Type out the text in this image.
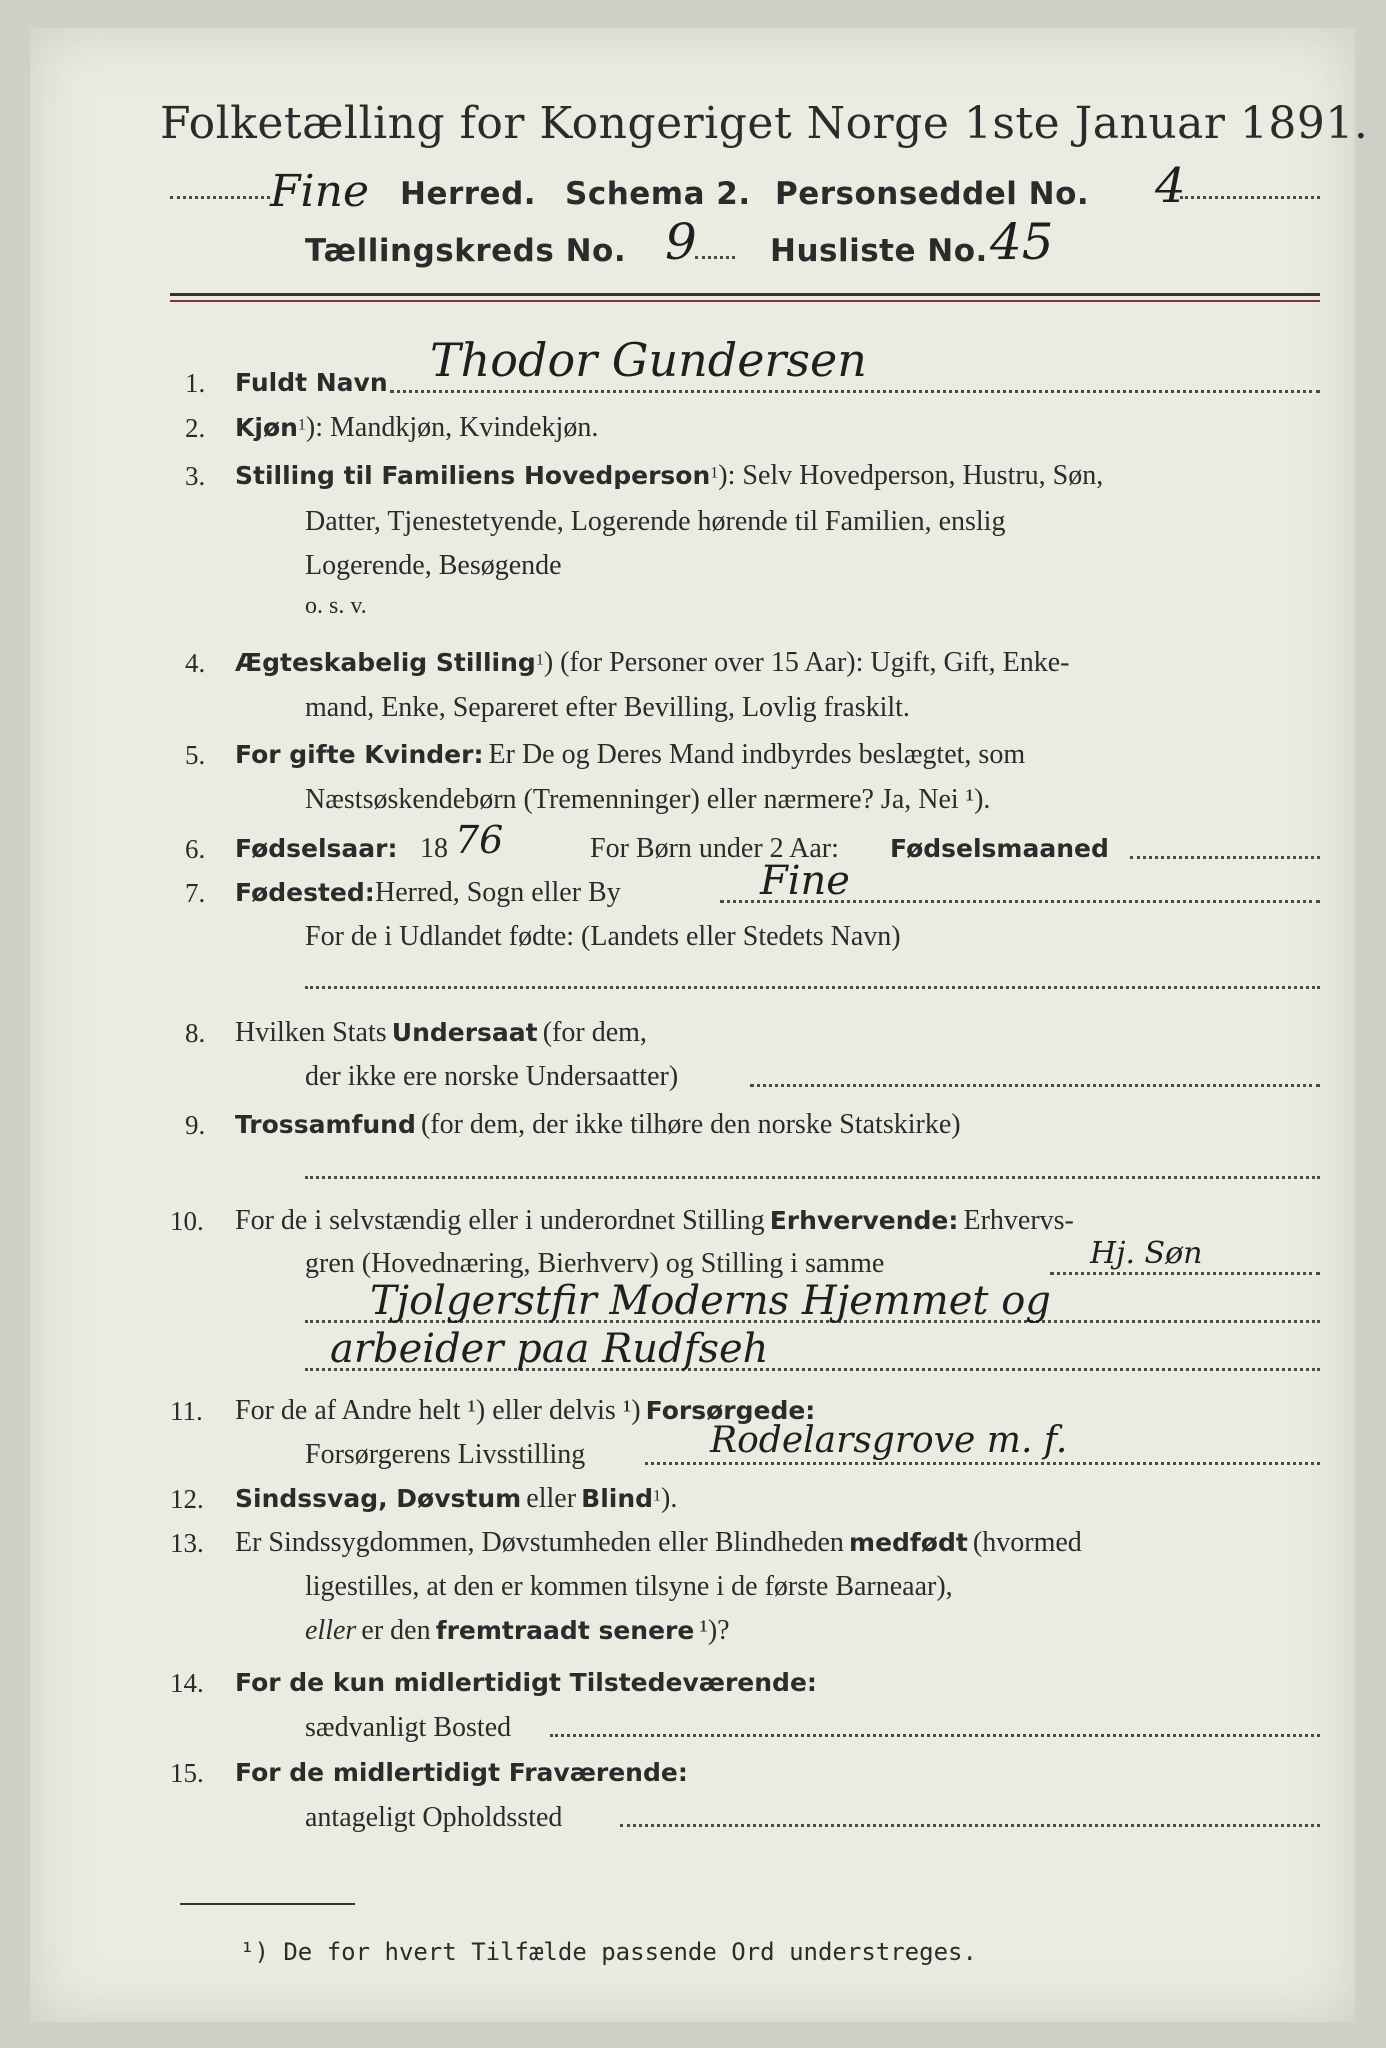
Folketælling for Kongeriget Norge 1ste Januar 1891.
Fine Herred. Schema 2. Personseddel No. 4
Tællingskreds No. 9 Husliste No. 45
1. Fuldt Navn Thodor Gundersen
2. Kjøn1): Mandkjøn, Kvindekjøn.
3. Stilling til Familiens Hovedperson1): Selv Hovedperson, Hustru, Søn,
Datter, Tjenestetyende, Logerende hørende til Familien, enslig
Logerende, Besøgende
o. s. v.
4. Ægteskabelig Stilling1) (for Personer over 15 Aar): Ugift, Gift, Enke-
mand, Enke, Separeret efter Bevilling, Lovlig fraskilt.
5. For gifte Kvinder: Er De og Deres Mand indbyrdes beslægtet, som
Næstsøskendebørn (Tremenninger) eller nærmere? Ja, Nei ¹).
6. Fødselsaar: 18 76	For Børn under 2 Aar: Fødselsmaaned
7. Fødested: Herred, Sogn eller By	Fine
For de i Udlandet fødte: (Landets eller Stedets Navn)
8. Hvilken Stats Undersaat (for dem,
der ikke ere norske Undersaatter)
9. Trossamfund (for dem, der ikke tilhøre den norske Statskirke)
10. For de i selvstændig eller i underordnet Stilling Erhvervende: Erhvervs-
gren (Hovednæring, Bierhverv) og Stilling i samme	Hj. Søn
Tjolgerstfir Moderns Hjemmet og
arbeider paa Rudfseh
11. For de af Andre helt ¹) eller delvis ¹) Forsørgede:
Forsørgerens Livsstilling	Rodelarsgrove m. f.
12. Sindssvag, Døvstum eller Blind1).
13. Er Sindssygdommen, Døvstumheden eller Blindheden medfødt (hvormed
ligestilles, at den er kommen tilsyne i de første Barneaar),
eller er den fremtraadt senere ¹)?
14. For de kun midlertidigt Tilstedeværende:
sædvanligt Bosted
15. For de midlertidigt Fraværende:
antageligt Opholdssted
¹) De for hvert Tilfælde passende Ord understreges.
